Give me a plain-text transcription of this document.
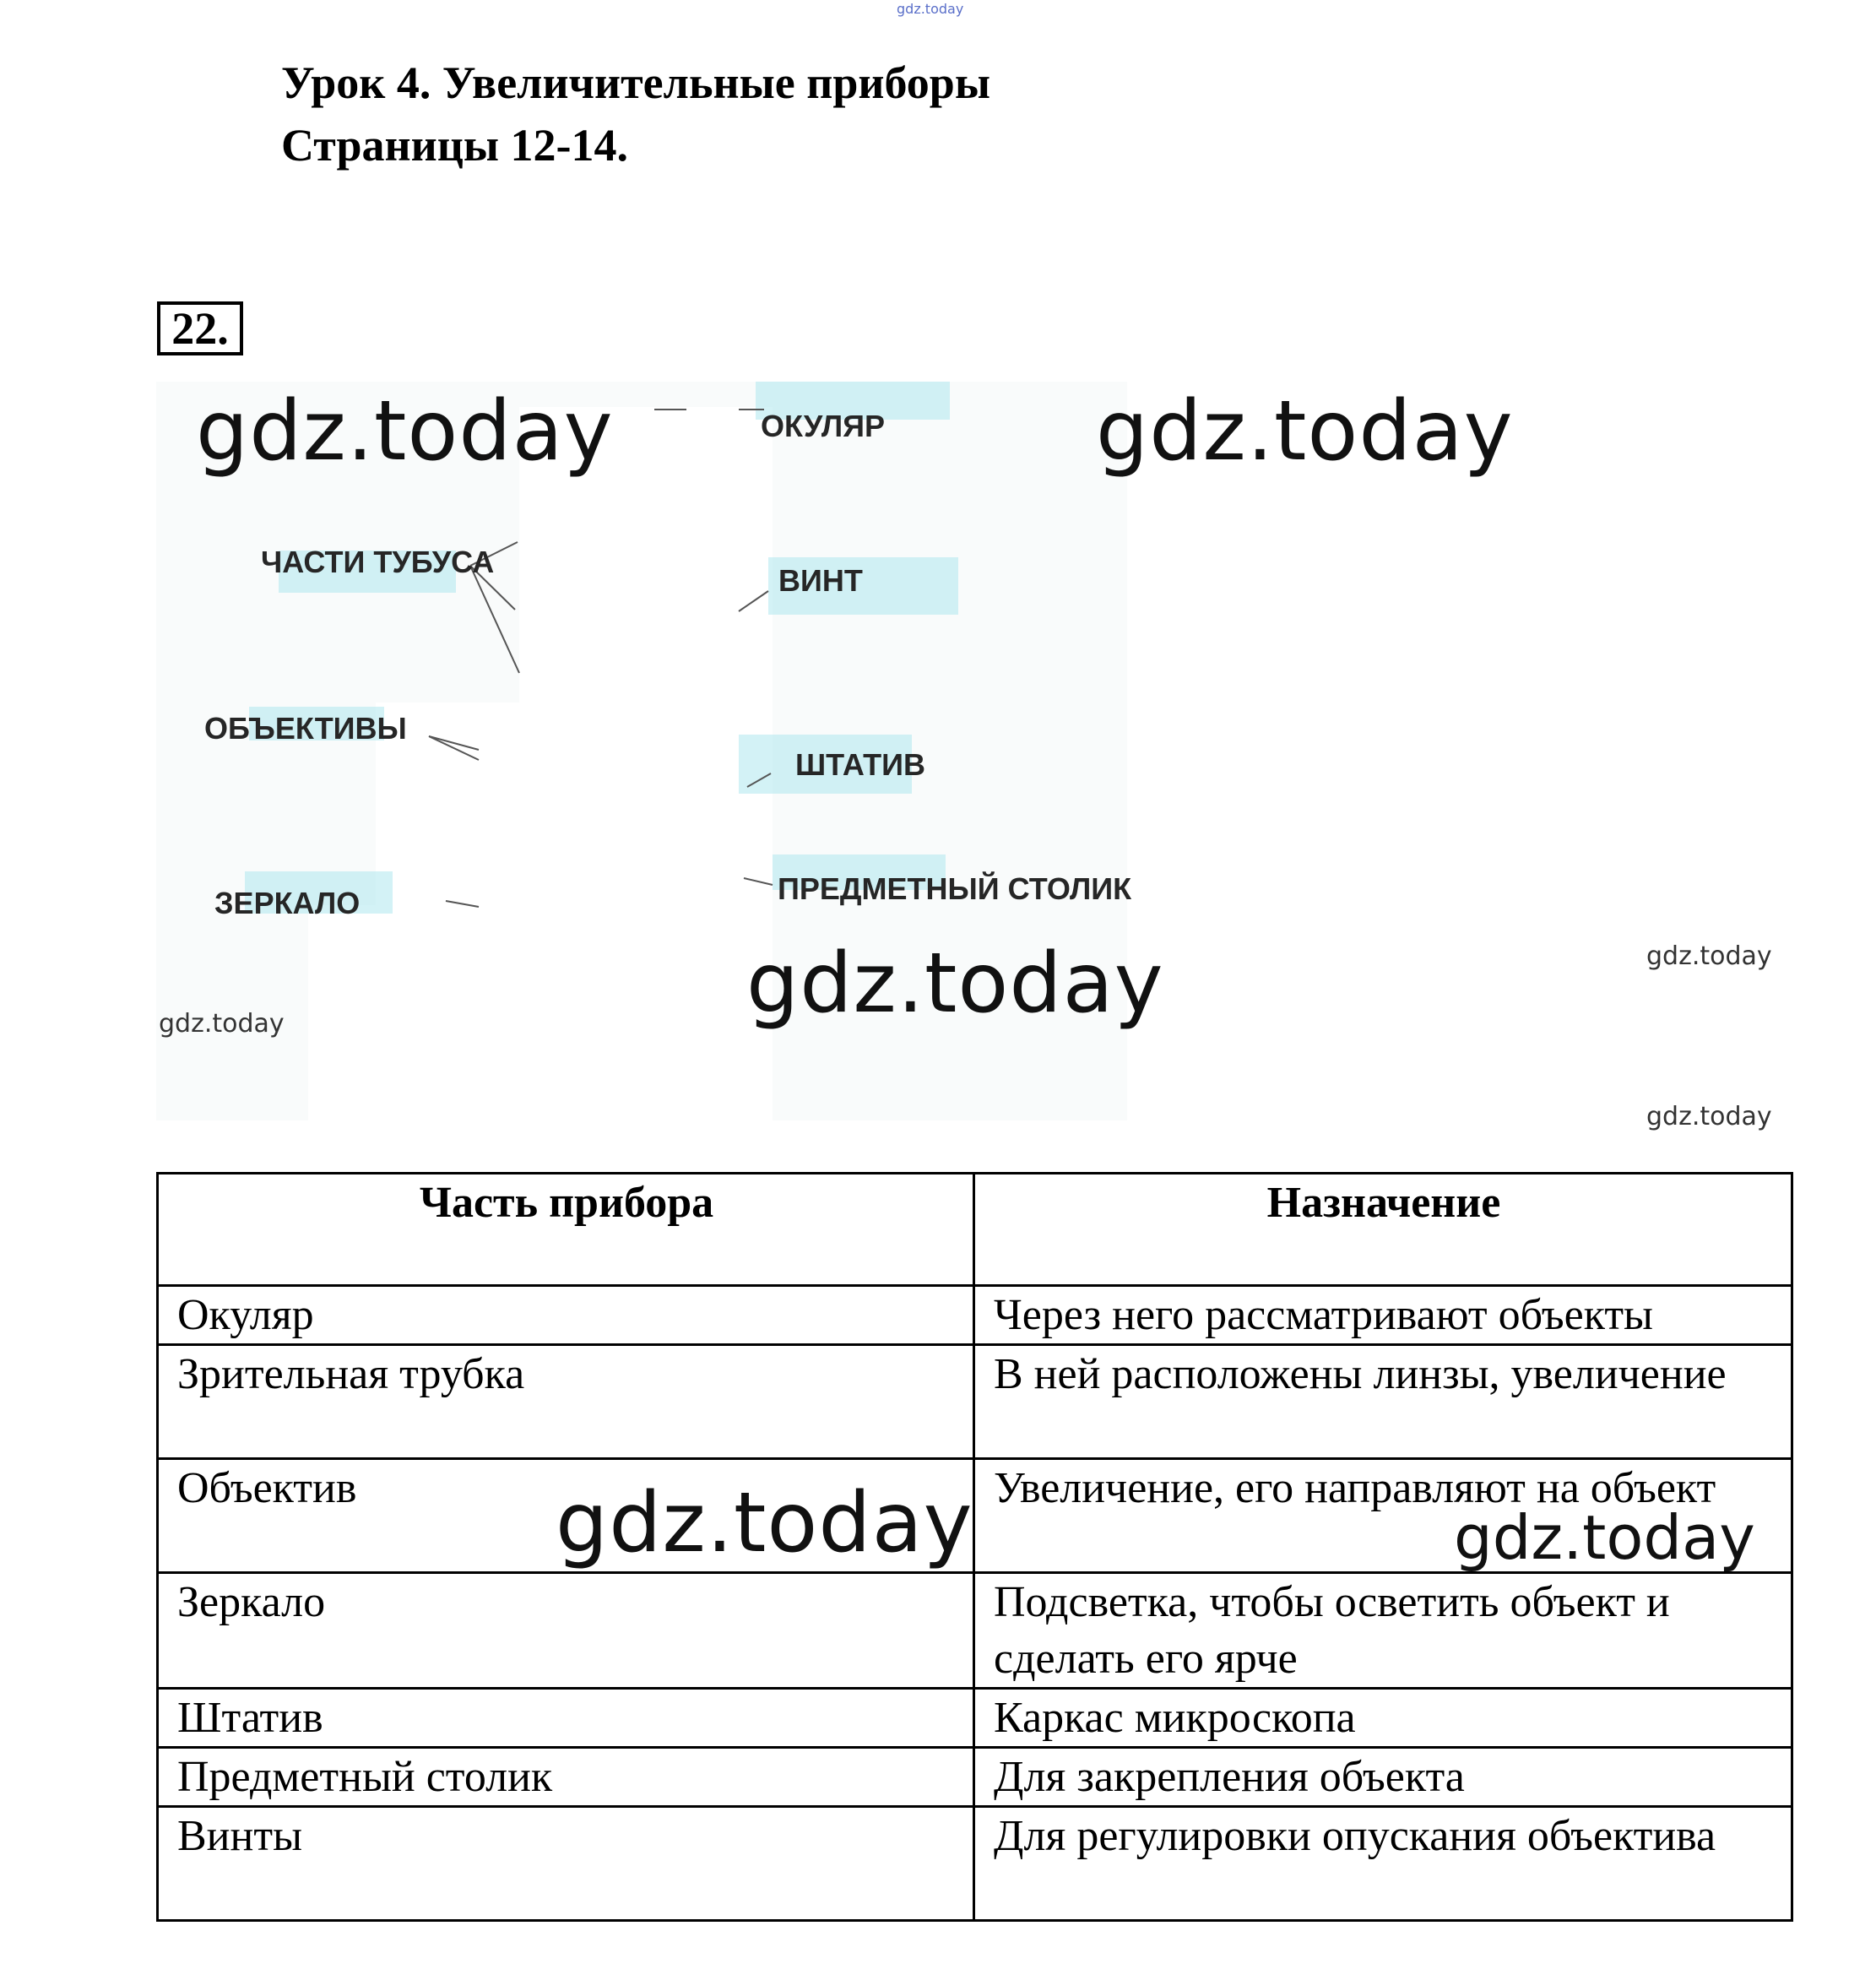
gdz.today
Урок 4. Увеличительные приборы
Страницы 12-14.
22.
ОКУЛЯР
ЧАСТИ ТУБУСА
ВИНТ
ОБЪЕКТИВЫ
ШТАТИВ
ЗЕРКАЛО	ПРЕДМЕТНЫЙ СТОЛИК
gdz.today	gdz.today
gdz.today	gdz.today
gdz.today
gdz.today
Часть прибора	Назначение
Окуляр	Через него рассматривают объекты
Зрительная трубка	В ней расположены линзы, увеличение
Объектив	Увеличение, его направляют на объект
Зеркало	Подсветка, чтобы осветить объект и сделать его ярче
Штатив	Каркас микроскопа
Предметный столик	Для закрепления объекта
Винты	Для регулировки опускания объектива
gdz.today	gdz.today
